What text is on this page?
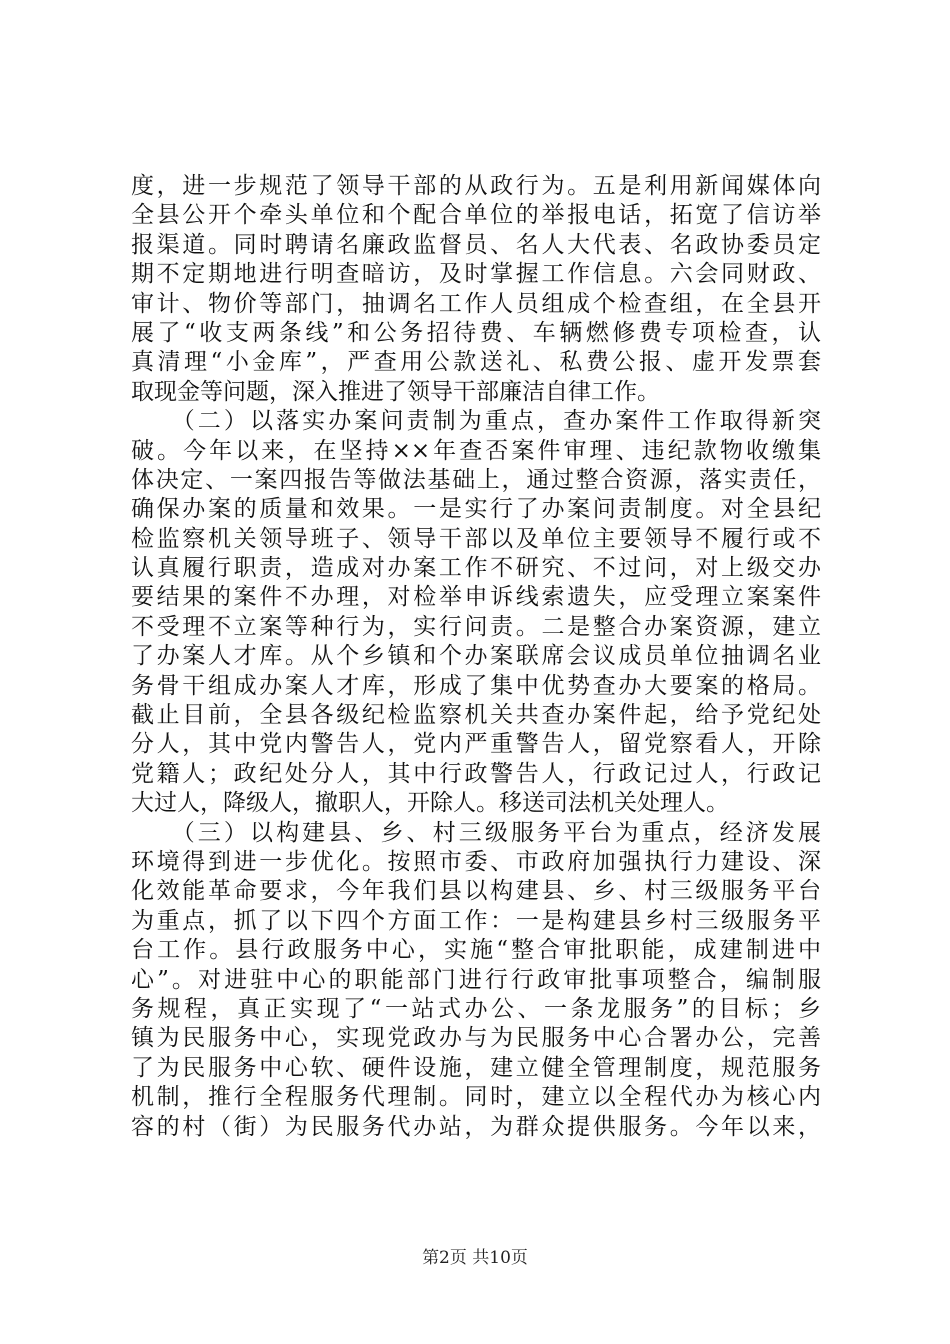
度，进一步规范了领导干部的从政行为。五是利用新闻媒体向
全县公开个牵头单位和个配合单位的举报电话，拓宽了信访举
报渠道。同时聘请名廉政监督员、名人大代表、名政协委员定
期不定期地进行明查暗访，及时掌握工作信息。六会同财政、
审计、物价等部门，抽调名工作人员组成个检查组，在全县开
展了“收支两条线”和公务招待费、车辆燃修费专项检查，认
真清理“小金库”，严查用公款送礼、私费公报、虚开发票套
取现金等问题，深入推进了领导干部廉洁自律工作。
　　（二）以落实办案问责制为重点，查办案件工作取得新突
破。今年以来，在坚持××年查否案件审理、违纪款物收缴集
体决定、一案四报告等做法基础上，通过整合资源，落实责任，
确保办案的质量和效果。一是实行了办案问责制度。对全县纪
检监察机关领导班子、领导干部以及单位主要领导不履行或不
认真履行职责，造成对办案工作不研究、不过问，对上级交办
要结果的案件不办理，对检举申诉线索遗失，应受理立案案件
不受理不立案等种行为，实行问责。二是整合办案资源，建立
了办案人才库。从个乡镇和个办案联席会议成员单位抽调名业
务骨干组成办案人才库，形成了集中优势查办大要案的格局。
截止目前，全县各级纪检监察机关共查办案件起，给予党纪处
分人，其中党内警告人，党内严重警告人，留党察看人，开除
党籍人；政纪处分人，其中行政警告人，行政记过人，行政记
大过人，降级人，撤职人，开除人。移送司法机关处理人。
　　（三）以构建县、乡、村三级服务平台为重点，经济发展
环境得到进一步优化。按照市委、市政府加强执行力建设、深
化效能革命要求，今年我们县以构建县、乡、村三级服务平台
为重点，抓了以下四个方面工作：一是构建县乡村三级服务平
台工作。县行政服务中心，实施“整合审批职能，成建制进中
心”。对进驻中心的职能部门进行行政审批事项整合，编制服
务规程，真正实现了“一站式办公、一条龙服务”的目标；乡
镇为民服务中心，实现党政办与为民服务中心合署办公，完善
了为民服务中心软、硬件设施，建立健全管理制度，规范服务
机制，推行全程服务代理制。同时，建立以全程代办为核心内
容的村（街）为民服务代办站，为群众提供服务。今年以来，
第2页 共10页
